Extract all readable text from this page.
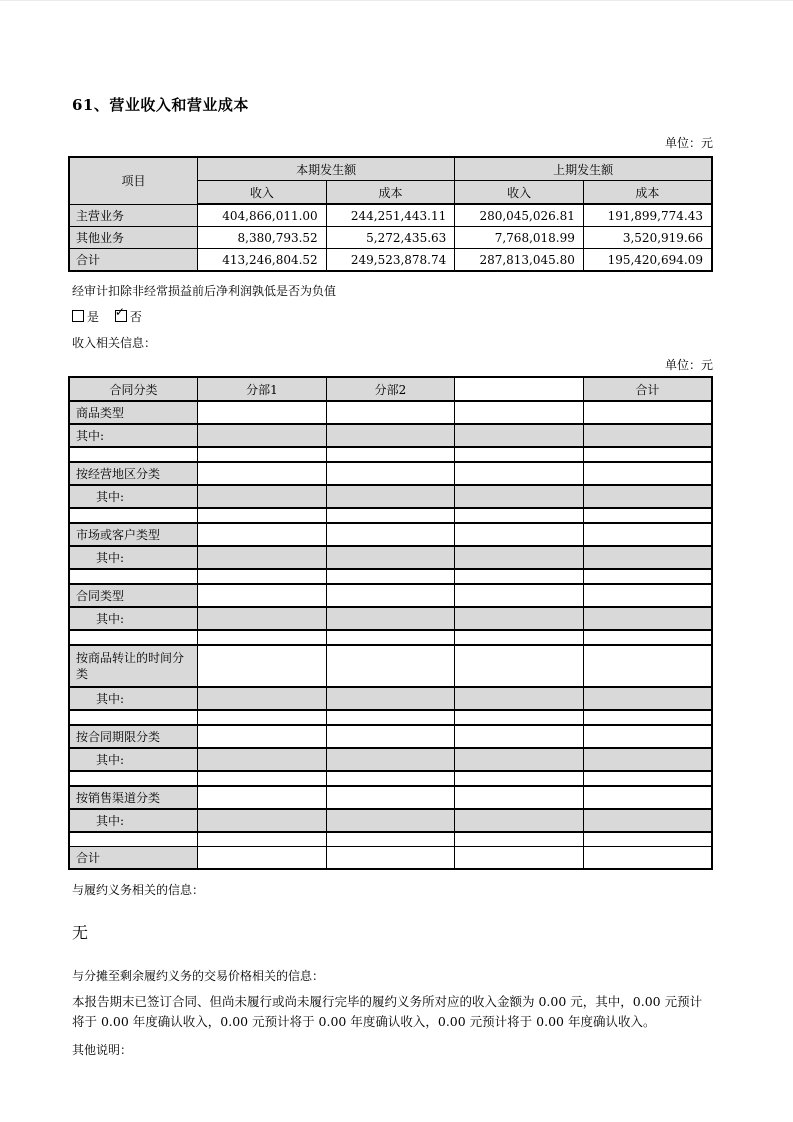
61、营业收入和营业成本
单位：元
项目	本期发生额		上期发生额	
	收入	成本	收入	成本
主营业务	404,866,011.00	244,251,443.11	280,045,026.81	191,899,774.43
其他业务	8,380,793.52	5,272,435.63	7,768,018.99	3,520,919.66
合计	413,246,804.52	249,523,878.74	287,813,045.80	195,420,694.09

经审计扣除非经常损益前后净利润孰低是否为负值

是 ✓ 否

收入相关信息：

单位：元
合同分类	分部1	分部2		合计
商品类型				
其中:				

按经营地区分类				
其中:				

市场或客户类型				
其中:				

合同类型				
其中:				

按商品转让的时间分类				
其中:				

按合同期限分类				
其中:				

按销售渠道分类				
其中:				

合计				

与履约义务相关的信息：

无

与分摊至剩余履约义务的交易价格相关的信息：

本报告期末已签订合同、但尚未履行或尚未履行完毕的履约义务所对应的收入金额为 0.00 元，其中，0.00 元预计将于 0.00 年度确认收入，0.00 元预计将于 0.00 年度确认收入，0.00 元预计将于 0.00 年度确认收入。

其他说明：
